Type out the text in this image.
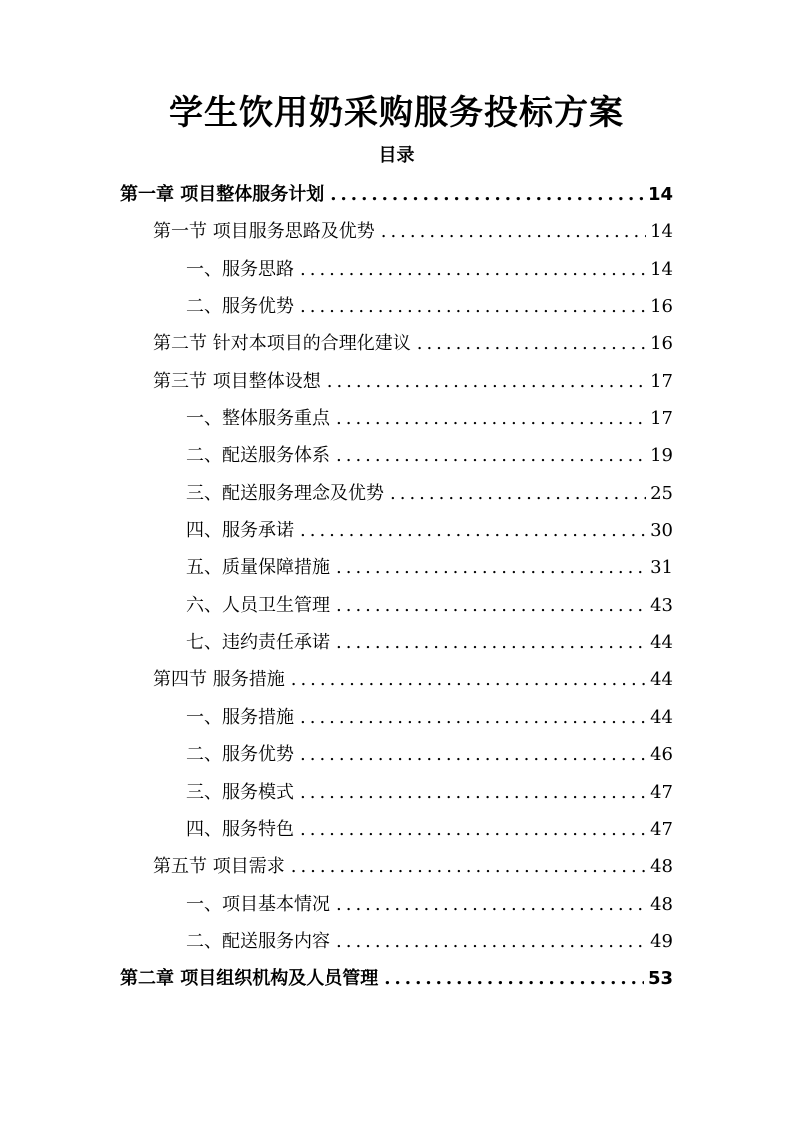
学生饮用奶采购服务投标方案
目录
第一章 项目整体服务计划 .....	14
第一节 项目服务思路及优势 .....	14
一、服务思路 .....	14
二、服务优势 .....	16
第二节 针对本项目的合理化建议 .....	16
第三节 项目整体设想 .....	17
一、整体服务重点 .....	17
二、配送服务体系 .....	19
三、配送服务理念及优势 .....	25
四、服务承诺 .....	30
五、质量保障措施 .....	31
六、人员卫生管理 .....	43
七、违约责任承诺 .....	44
第四节 服务措施 .....	44
一、服务措施 .....	44
二、服务优势 .....	46
三、服务模式 .....	47
四、服务特色 .....	47
第五节 项目需求 .....	48
一、项目基本情况 .....	48
二、配送服务内容 .....	49
第二章 项目组织机构及人员管理 .....	53
